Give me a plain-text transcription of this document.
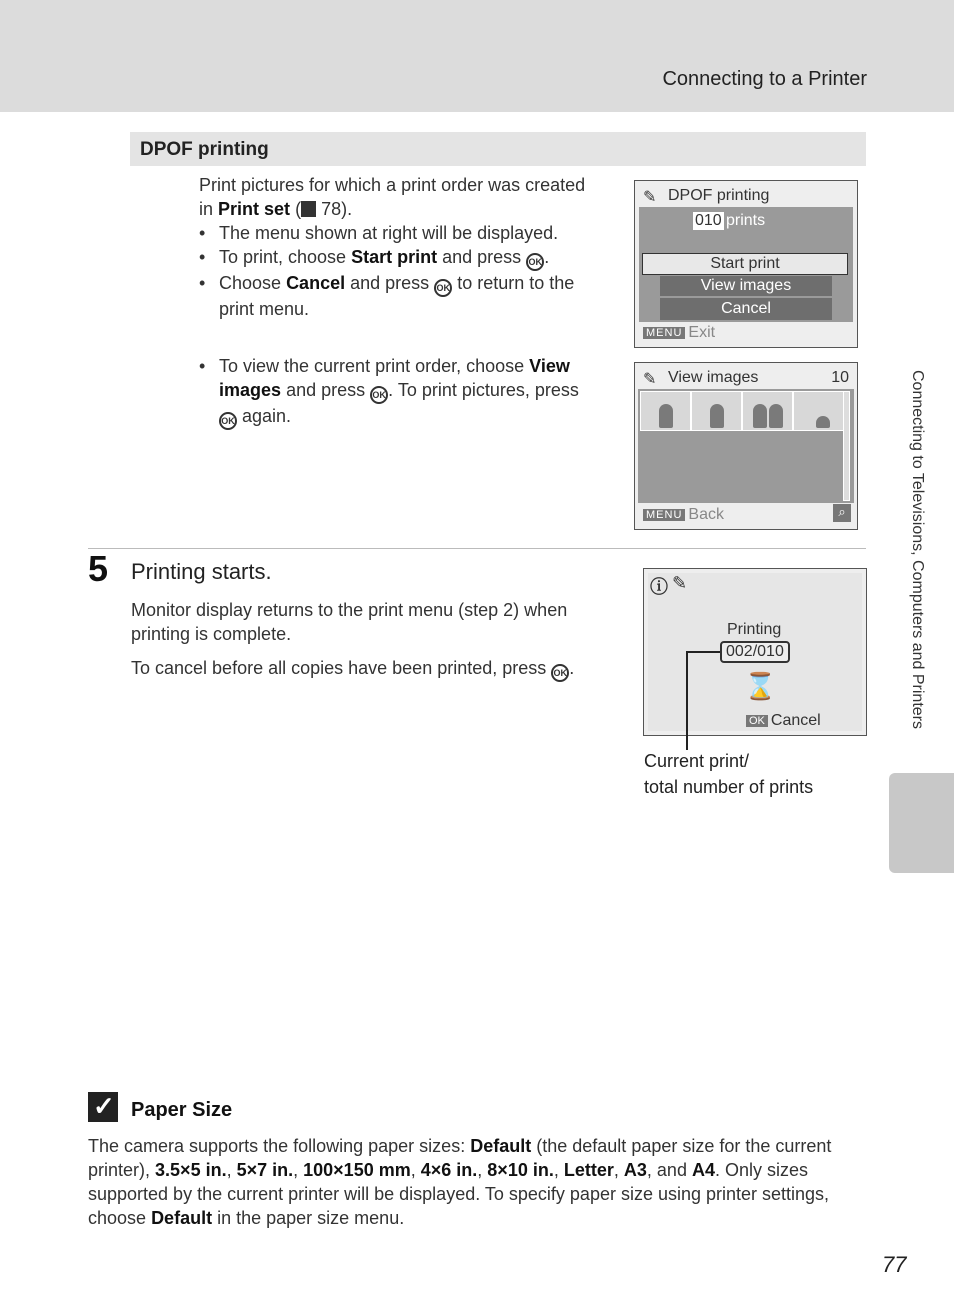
Connecting to a Printer
Connecting to Televisions, Computers and Printers
DPOF printing
Print pictures for which a print order was created
in Print set ( 78).
• The menu shown at right will be displayed.
• To print, choose Start print and press OK .
• Choose Cancel and press OK to return to the
print menu.
• To view the current print order, choose View
images and press OK . To print pictures, press
OK again.
✎ DPOF printing
010 prints
Start print
View images
Cancel
MENU Exit
✎ View images	10
MENU Back	⌕
5 Printing starts.
Monitor display returns to the print menu (step 2) when
printing is complete.
To cancel before all copies have been printed, press OK .
ⓘ ✎
Printing
002/010
⌛
OK Cancel
Current print/
total number of prints
✓
Paper Size
The camera supports the following paper sizes: Default (the default paper size for the current printer), 3.5×5 in., 5×7 in., 100×150 mm, 4×6 in., 8×10 in., Letter, A3, and A4. Only sizes supported by the current printer will be displayed. To specify paper size using printer settings, choose Default in the paper size menu.
77
